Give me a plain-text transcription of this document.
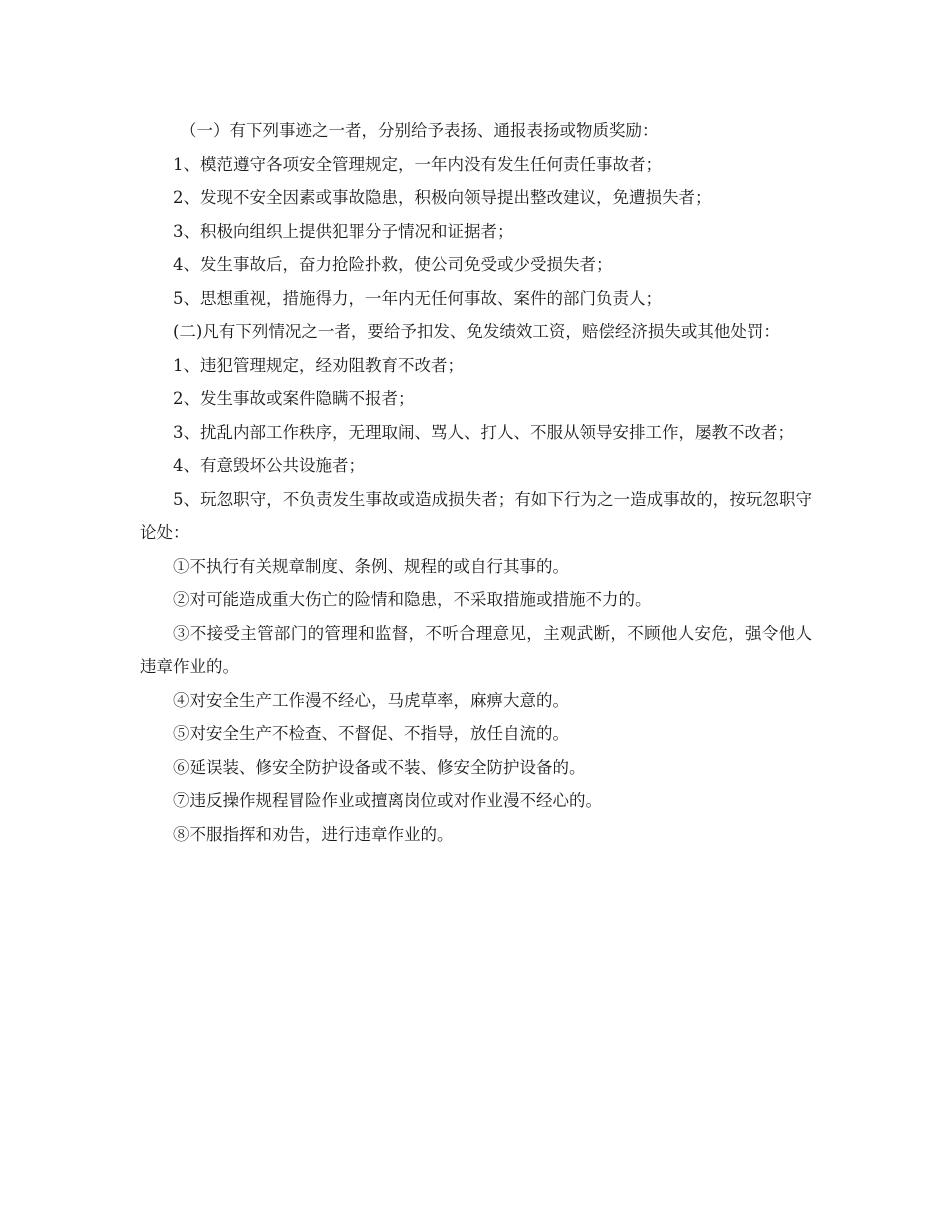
（一）有下列事迹之一者，分别给予表扬、通报表扬或物质奖励：

1、模范遵守各项安全管理规定，一年内没有发生任何责任事故者；

2、发现不安全因素或事故隐患，积极向领导提出整改建议，免遭损失者；

3、积极向组织上提供犯罪分子情况和证据者；

4、发生事故后，奋力抢险扑救，使公司免受或少受损失者；

5、思想重视，措施得力，一年内无任何事故、案件的部门负责人；

(二)凡有下列情况之一者，要给予扣发、免发绩效工资，赔偿经济损失或其他处罚：

1、违犯管理规定，经劝阻教育不改者；

2、发生事故或案件隐瞒不报者；

3、扰乱内部工作秩序，无理取闹、骂人、打人、不服从领导安排工作，屡教不改者；

4、有意毁坏公共设施者；

5、玩忽职守，不负责发生事故或造成损失者；有如下行为之一造成事故的，按玩忽职守论处：

①不执行有关规章制度、条例、规程的或自行其事的。

②对可能造成重大伤亡的险情和隐患，不采取措施或措施不力的。

③不接受主管部门的管理和监督，不听合理意见，主观武断，不顾他人安危，强令他人违章作业的。

④对安全生产工作漫不经心，马虎草率，麻痹大意的。

⑤对安全生产不检查、不督促、不指导，放任自流的。

⑥延误装、修安全防护设备或不装、修安全防护设备的。

⑦违反操作规程冒险作业或擅离岗位或对作业漫不经心的。

⑧不服指挥和劝告，进行违章作业的。
